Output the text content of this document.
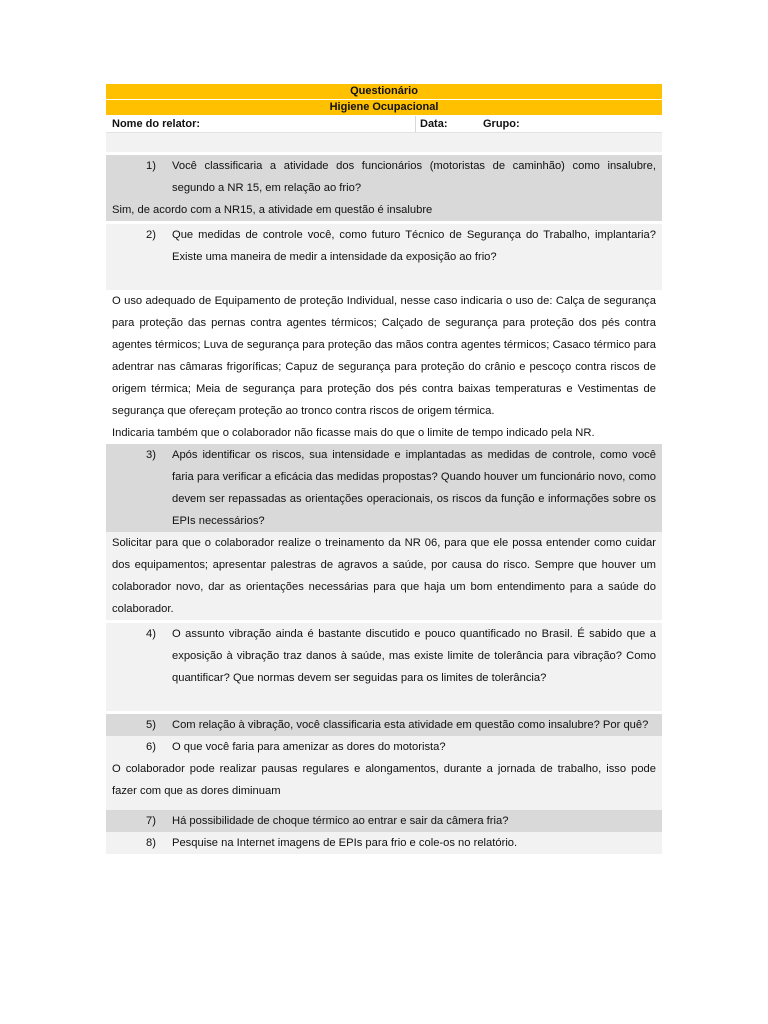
Questionário
Higiene Ocupacional
Nome do relator:	Data:	Grupo:
1) Você classificaria a atividade dos funcionários (motoristas de caminhão) como insalubre, segundo a NR 15, em relação ao frio?
Sim, de acordo com a NR15, a atividade em questão é insalubre
2) Que medidas de controle você, como futuro Técnico de Segurança do Trabalho, implantaria? Existe uma maneira de medir a intensidade da exposição ao frio?
O uso adequado de Equipamento de proteção Individual, nesse caso indicaria o uso de: Calça de segurança para proteção das pernas contra agentes térmicos; Calçado de segurança para proteção dos pés contra agentes térmicos; Luva de segurança para proteção das mãos contra agentes térmicos; Casaco térmico para adentrar nas câmaras frigoríficas; Capuz de segurança para proteção do crânio e pescoço contra riscos de origem térmica; Meia de segurança para proteção dos pés contra baixas temperaturas e Vestimentas de segurança que ofereçam proteção ao tronco contra riscos de origem térmica.
Indicaria também que o colaborador não ficasse mais do que o limite de tempo indicado pela NR.
3) Após identificar os riscos, sua intensidade e implantadas as medidas de controle, como você faria para verificar a eficácia das medidas propostas? Quando houver um funcionário novo, como devem ser repassadas as orientações operacionais, os riscos da função e informações sobre os EPIs necessários?
Solicitar para que o colaborador realize o treinamento da NR 06, para que ele possa entender como cuidar dos equipamentos; apresentar palestras de agravos a saúde, por causa do risco. Sempre que houver um colaborador novo, dar as orientações necessárias para que haja um bom entendimento para a saúde do colaborador.
4) O assunto vibração ainda é bastante discutido e pouco quantificado no Brasil. É sabido que a exposição à vibração traz danos à saúde, mas existe limite de tolerância para vibração? Como quantificar? Que normas devem ser seguidas para os limites de tolerância?
5) Com relação à vibração, você classificaria esta atividade em questão como insalubre? Por quê?
6) O que você faria para amenizar as dores do motorista?
O colaborador pode realizar pausas regulares e alongamentos, durante a jornada de trabalho, isso pode fazer com que as dores diminuam
7) Há possibilidade de choque térmico ao entrar e sair da câmera fria?
8) Pesquise na Internet imagens de EPIs para frio e cole-os no relatório.
